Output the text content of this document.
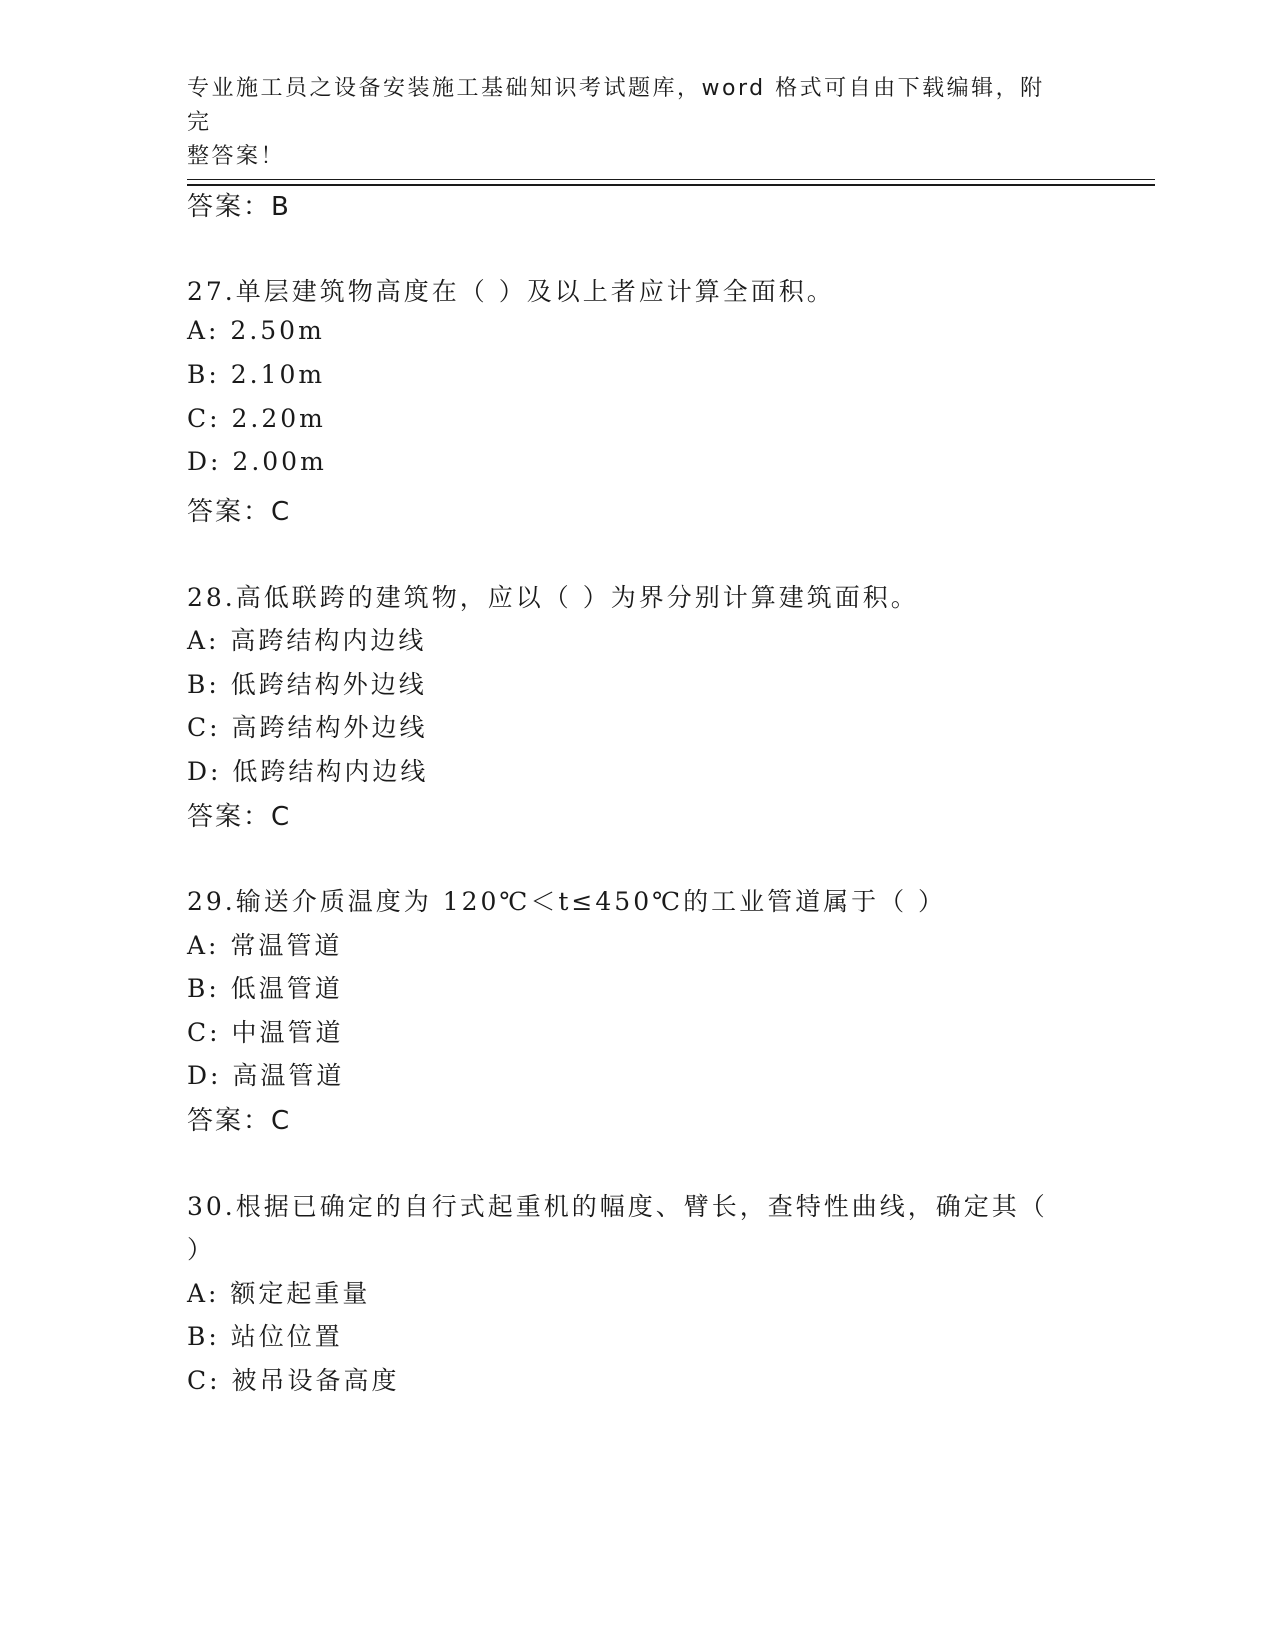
专业施工员之设备安装施工基础知识考试题库，word 格式可自由下载编辑，附完
整答案！
答案：B
27.单层建筑物高度在（ ）及以上者应计算全面积。
A: 2.50m
B: 2.10m
C: 2.20m
D: 2.00m
答案：C
28.高低联跨的建筑物，应以（ ）为界分别计算建筑面积。
A: 高跨结构内边线
B: 低跨结构外边线
C: 高跨结构外边线
D: 低跨结构内边线
答案：C
29.输送介质温度为 120℃＜t≤450℃的工业管道属于（ ）
A: 常温管道
B: 低温管道
C: 中温管道
D: 高温管道
答案：C
30.根据已确定的自行式起重机的幅度、臂长，查特性曲线，确定其（
）
A: 额定起重量
B: 站位位置
C: 被吊设备高度
